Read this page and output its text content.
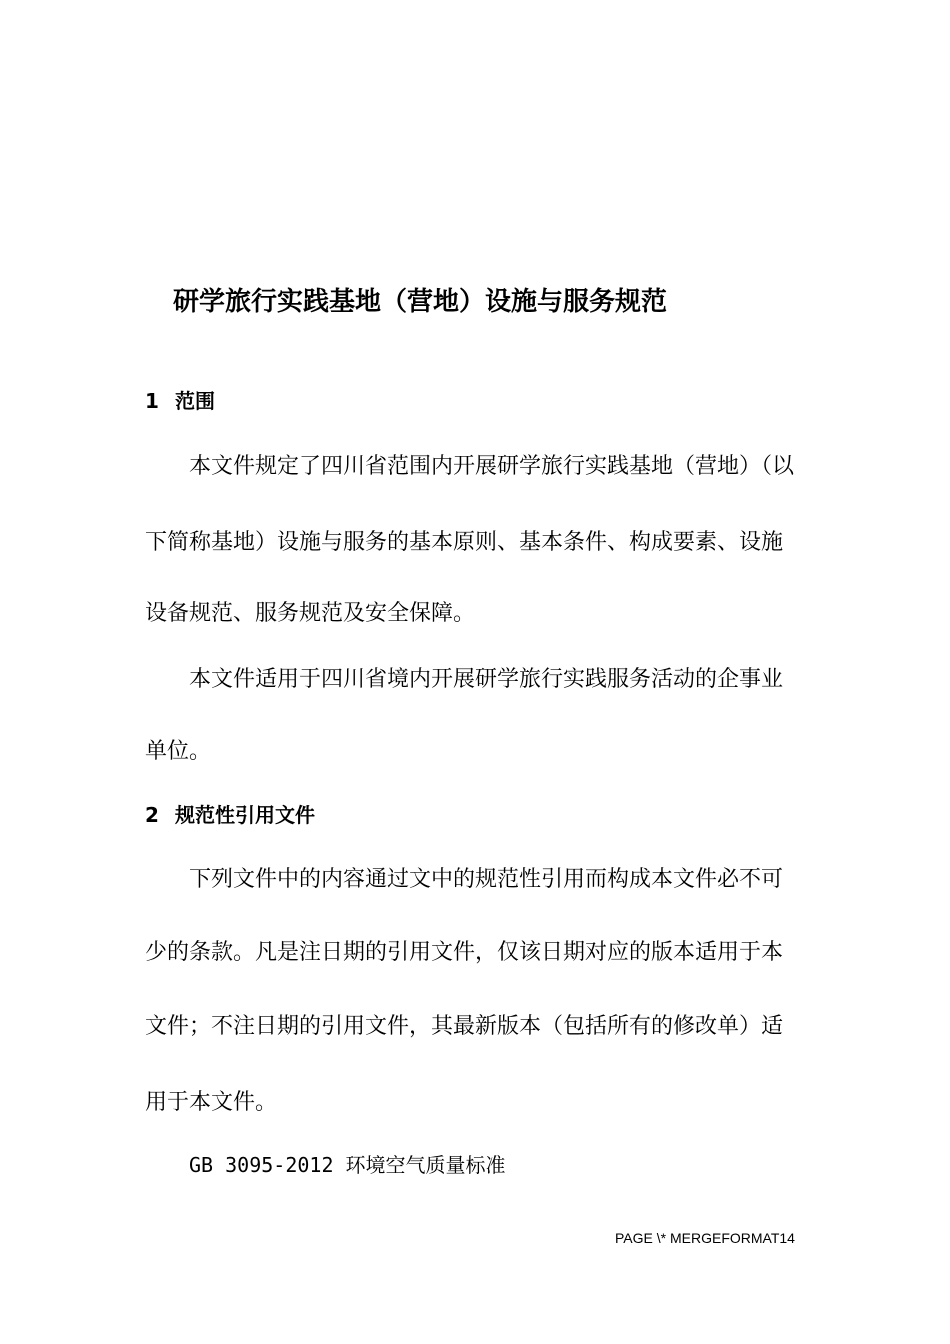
研学旅行实践基地（营地）设施与服务规范
1 范围
本文件规定了四川省范围内开展研学旅行实践基地（营地）（以
下简称基地）设施与服务的基本原则、基本条件、构成要素、设施
设备规范、服务规范及安全保障。
本文件适用于四川省境内开展研学旅行实践服务活动的企事业
单位。
2 规范性引用文件
下列文件中的内容通过文中的规范性引用而构成本文件必不可
少的条款。凡是注日期的引用文件，仅该日期对应的版本适用于本
文件；不注日期的引用文件，其最新版本（包括所有的修改单）适
用于本文件。
GB 3095-2012 环境空气质量标准
PAGE \* MERGEFORMAT14
